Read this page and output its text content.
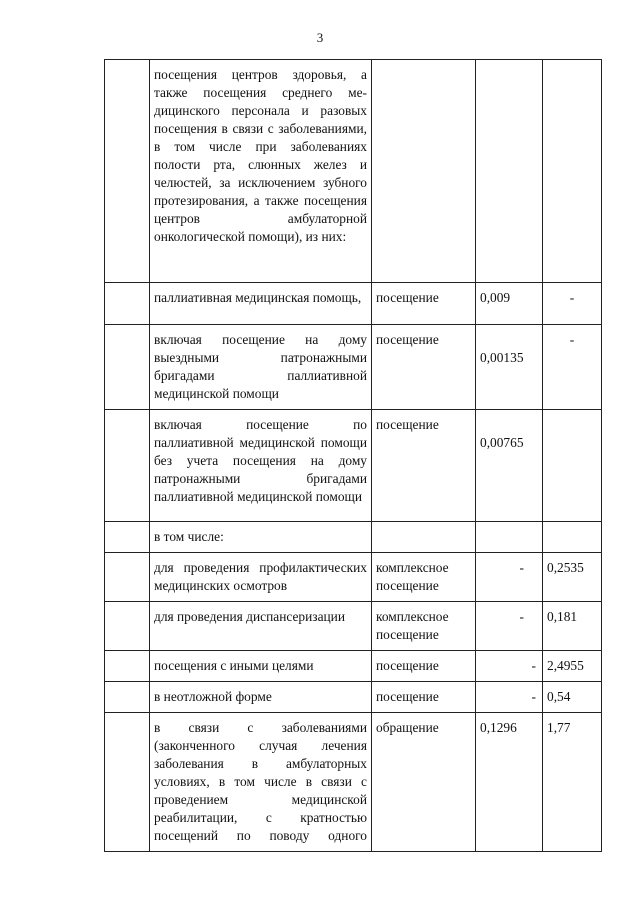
3
	посещения центров здоровья, а также посещения среднего медицинского персонала и разовых посещения в связи с заболеваниями, в том числе при заболеваниях полости рта, слюнных желез и челюстей, за исключением зубного протезирования, а также посещения центров амбулаторной онкологической помощи), из них:			
	паллиативная медицинская помощь,	посещение	0,009	-
	включая посещение на дому выездными патронажными бригадами паллиативной медицинской помощи	посещение	0,00135	-
	включая посещение по паллиативной медицинской помощи без учета посещения на дому патронажными бригадами паллиативной медицинской помощи	посещение	0,00765	
	в том числе:			
	для проведения профилактических медицинских осмотров	комплексное посещение	-	0,2535
	для проведения диспансеризации	комплексное посещение	-	0,181
	посещения с иными целями	посещение	-	2,4955
	в неотложной форме	посещение	-	0,54
	в связи с заболеваниями (законченного случая лечения заболевания в амбулаторных условиях, в том числе в связи с проведением медицинской реабилитации, с кратностью посещений по поводу одного	обращение	0,1296	1,77
